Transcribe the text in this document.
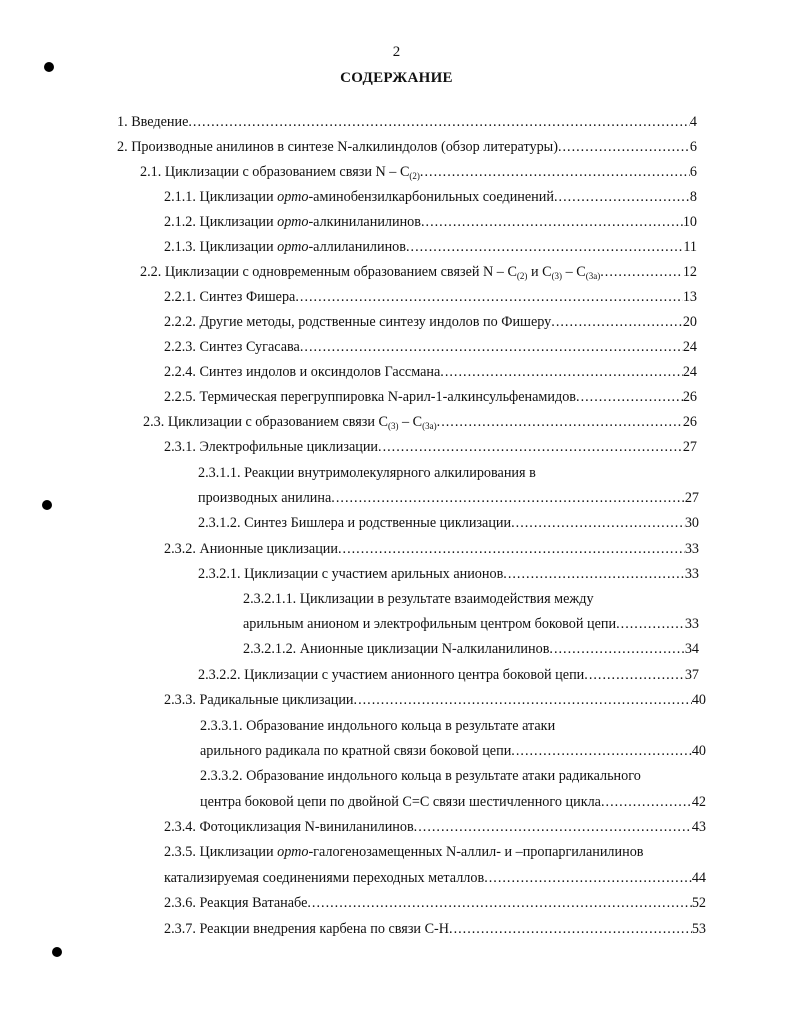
2
СОДЕРЖАНИЕ
1. Введение .....	4
2. Производные анилинов в синтезе N-алкилиндолов (обзор литературы) .....	6
2.1. Циклизации с образованием связи N – $C_{(2)}$ .....	6
2.1.1. Циклизации орто-аминобензилкарбонильных соединений .....	8
2.1.2. Циклизации орто-алкиниланилинов .....	10
2.1.3. Циклизации орто-аллиланилинов .....	11
2.2. Циклизации с одновременным образованием связей N – $C_{(2)}$ и $C_{(3)} - C_{(3a)}$ .....	12
2.2.1. Синтез Фишера .....	13
2.2.2. Другие методы, родственные синтезу индолов по Фишеру .....	20
2.2.3. Синтез Сугасава .....	24
2.2.4. Синтез индолов и оксиндолов Гассмана .....	24
2.2.5. Термическая перегруппировка N-арил-1-алкинсульфенамидов .....	26
2.3. Циклизации с образованием связи $C_{(3)} - C_{(3a)}$ .....	26
2.3.1. Электрофильные циклизации .....	27
2.3.1.1. Реакции внутримолекулярного алкилирования в
производных анилина .....	27
2.3.1.2. Синтез Бишлера и родственные циклизации .....	30
2.3.2. Анионные циклизации .....	33
2.3.2.1. Циклизации с участием арильных анионов .....	33
2.3.2.1.1. Циклизации в результате взаимодействия между
арильным анионом и электрофильным центром боковой цепи .....	33
2.3.2.1.2. Анионные циклизации N-алкиланилинов .....	34
2.3.2.2. Циклизации с участием анионного центра боковой цепи .....	37
2.3.3. Радикальные циклизации .....	40
2.3.3.1. Образование индольного кольца в результате атаки
арильного радикала по кратной связи боковой цепи .....	40
2.3.3.2. Образование индольного кольца в результате атаки радикального
центра боковой цепи по двойной C=C связи шестичленного цикла .....	42
2.3.4. Фотоциклизация N-виниланилинов .....	43
2.3.5. Циклизации орто-галогенозамещенных N-аллил- и –пропаргиланилинов
катализируемая соединениями переходных металлов .....	44
2.3.6. Реакция Ватанабе .....	52
2.3.7. Реакции внедрения карбена по связи C-H .....	53
